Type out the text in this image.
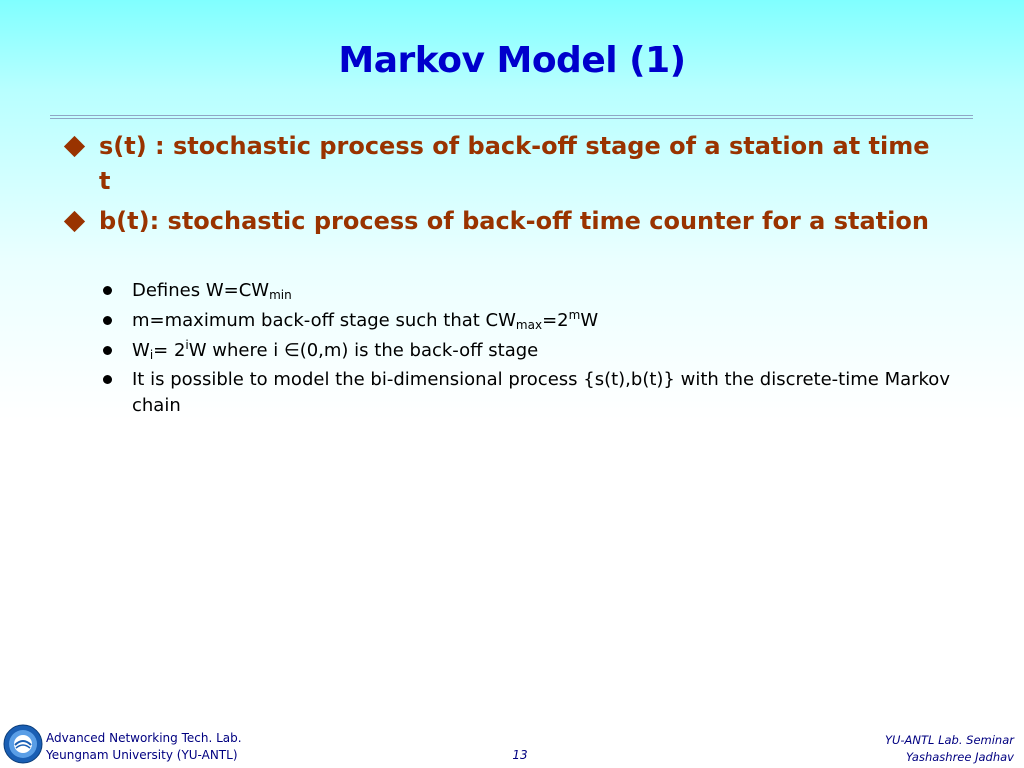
Markov Model (1)
s(t) : stochastic process of back-off stage of a station at time t
b(t): stochastic process of back-off time counter for a station
Defines $W=CW_{min}$
m=maximum back-off stage such that $CW_{max}=2^mW$
$W_i= 2^iW$ where i ∈(0,m) is the back-off stage
It is possible to model the bi-dimensional process {s(t),b(t)} with the discrete-time Markov chain
Advanced Networking Tech. Lab.
Yeungnam University (YU-ANTL)	13
YU-ANTL Lab. Seminar
Yashashree Jadhav
